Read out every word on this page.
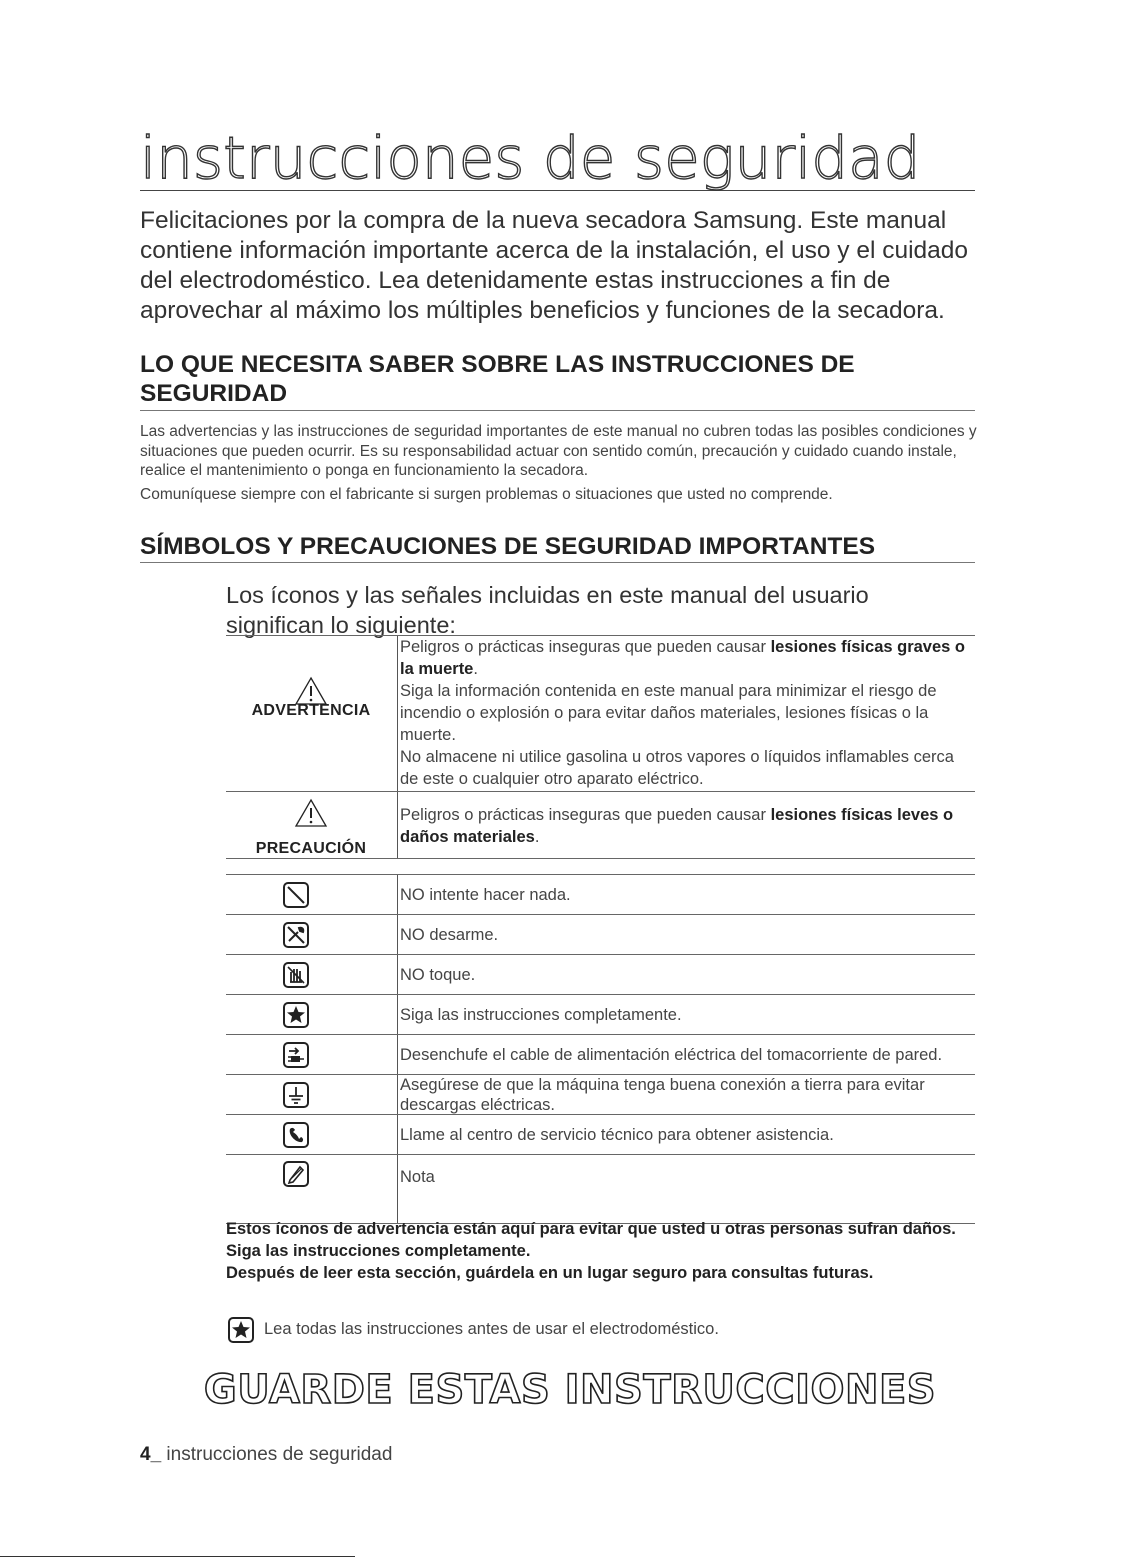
instrucciones de seguridad
Felicitaciones por la compra de la nueva secadora Samsung. Este manual contiene información importante acerca de la instalación, el uso y el cuidado del electrodoméstico. Lea detenidamente estas instrucciones a fin de aprovechar al máximo los múltiples beneficios y funciones de la secadora.
LO QUE NECESITA SABER SOBRE LAS INSTRUCCIONES DE SEGURIDAD

Las advertencias y las instrucciones de seguridad importantes de este manual no cubren todas las posibles condiciones y situaciones que pueden ocurrir. Es su responsabilidad actuar con sentido común, precaución y cuidado cuando instale, realice el mantenimiento o ponga en funcionamiento la secadora.

Comuníquese siempre con el fabricante si surgen problemas o situaciones que usted no comprende.

SÍMBOLOS Y PRECAUCIONES DE SEGURIDAD IMPORTANTES
Los íconos y las señales incluidas en este manual del usuario significan lo siguiente:
ADVERTENCIA

Peligros o prácticas inseguras que pueden causar lesiones físicas graves o la muerte.

Siga la información contenida en este manual para minimizar el riesgo de incendio o explosión o para evitar daños materiales, lesiones físicas o la muerte.

No almacene ni utilice gasolina u otros vapores o líquidos inflamables cerca de este o cualquier otro aparato eléctrico.

PRECAUCIÓN

Peligros o prácticas inseguras que pueden causar lesiones físicas leves o daños materiales.

NO intente hacer nada.
NO desarme.
NO toque.
Siga las instrucciones completamente.
Desenchufe el cable de alimentación eléctrica del tomacorriente de pared.
Asegúrese de que la máquina tenga buena conexión a tierra para evitar descargas eléctricas.
Llame al centro de servicio técnico para obtener asistencia.
Nota

Estos íconos de advertencia están aquí para evitar que usted u otras personas sufran daños.

Siga las instrucciones completamente.

Después de leer esta sección, guárdela en un lugar seguro para consultas futuras.

Lea todas las instrucciones antes de usar el electrodoméstico.
GUARDE ESTAS INSTRUCCIONES
4_ instrucciones de seguridad
